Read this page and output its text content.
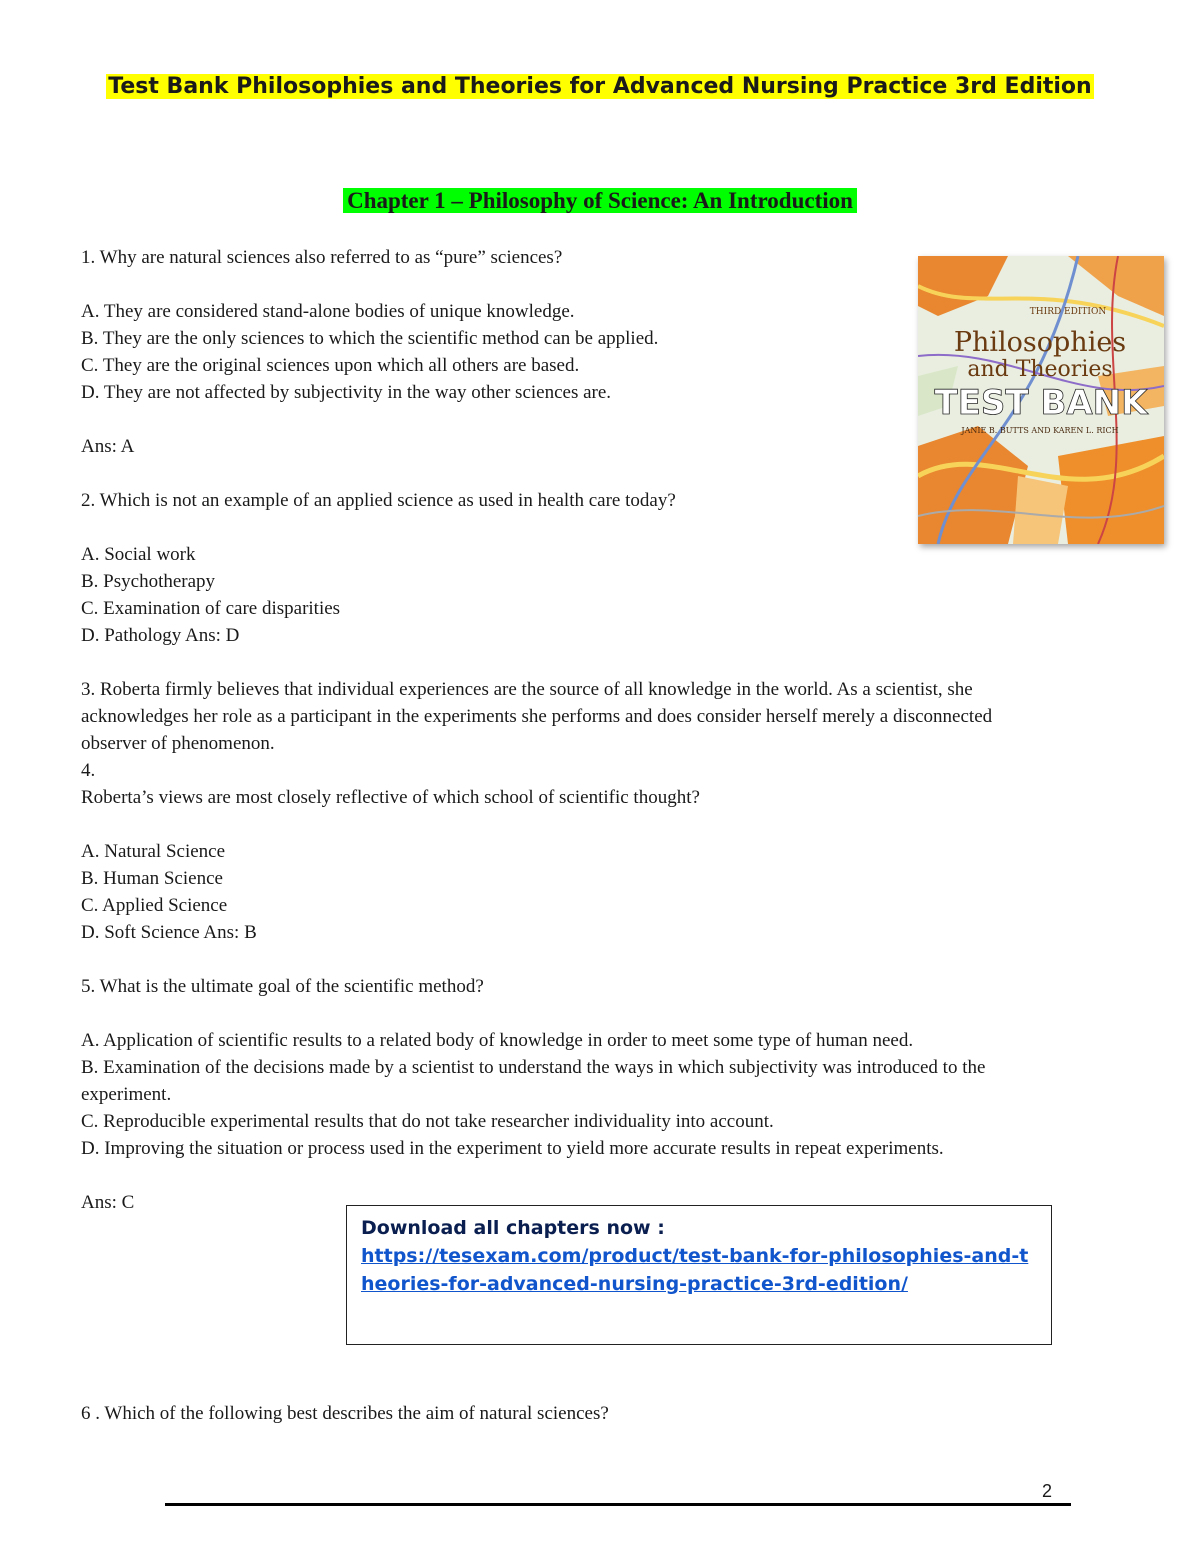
Test Bank Philosophies and Theories for Advanced Nursing Practice 3rd Edition
Chapter 1 – Philosophy of Science: An Introduction

1. Why are natural sciences also referred to as “pure” sciences?

A. They are considered stand-alone bodies of unique knowledge.

B. They are the only sciences to which the scientific method can be applied.

C. They are the original sciences upon which all others are based.

D. They are not affected by subjectivity in the way other sciences are.

Ans: A

2. Which is not an example of an applied science as used in health care today?

A. Social work

B. Psychotherapy

C. Examination of care disparities

D. Pathology Ans: D

3. Roberta firmly believes that individual experiences are the source of all knowledge in the world. As a scientist, she acknowledges her role as a participant in the experiments she performs and does consider herself merely a disconnected observer of phenomenon.

4.

Roberta’s views are most closely reflective of which school of scientific thought?

A. Natural Science

B. Human Science

C. Applied Science

D. Soft Science Ans: B

5. What is the ultimate goal of the scientific method?

A. Application of scientific results to a related body of knowledge in order to meet some type of human need.

B. Examination of the decisions made by a scientist to understand the ways in which subjectivity was introduced to the experiment.

C. Reproducible experimental results that do not take researcher individuality into account.

D. Improving the situation or process used in the experiment to yield more accurate results in repeat experiments.

Ans: C

THIRD EDITION
Philosophies
and Theories
TEST BANK
JANIE B. BUTTS AND KAREN L. RICH
Download all chapters now :
https://tesexam.com/product/test-bank-for-philosophies-and-theories-for-advanced-nursing-practice-3rd-edition/

6 . Which of the following best describes the aim of natural sciences?

2
